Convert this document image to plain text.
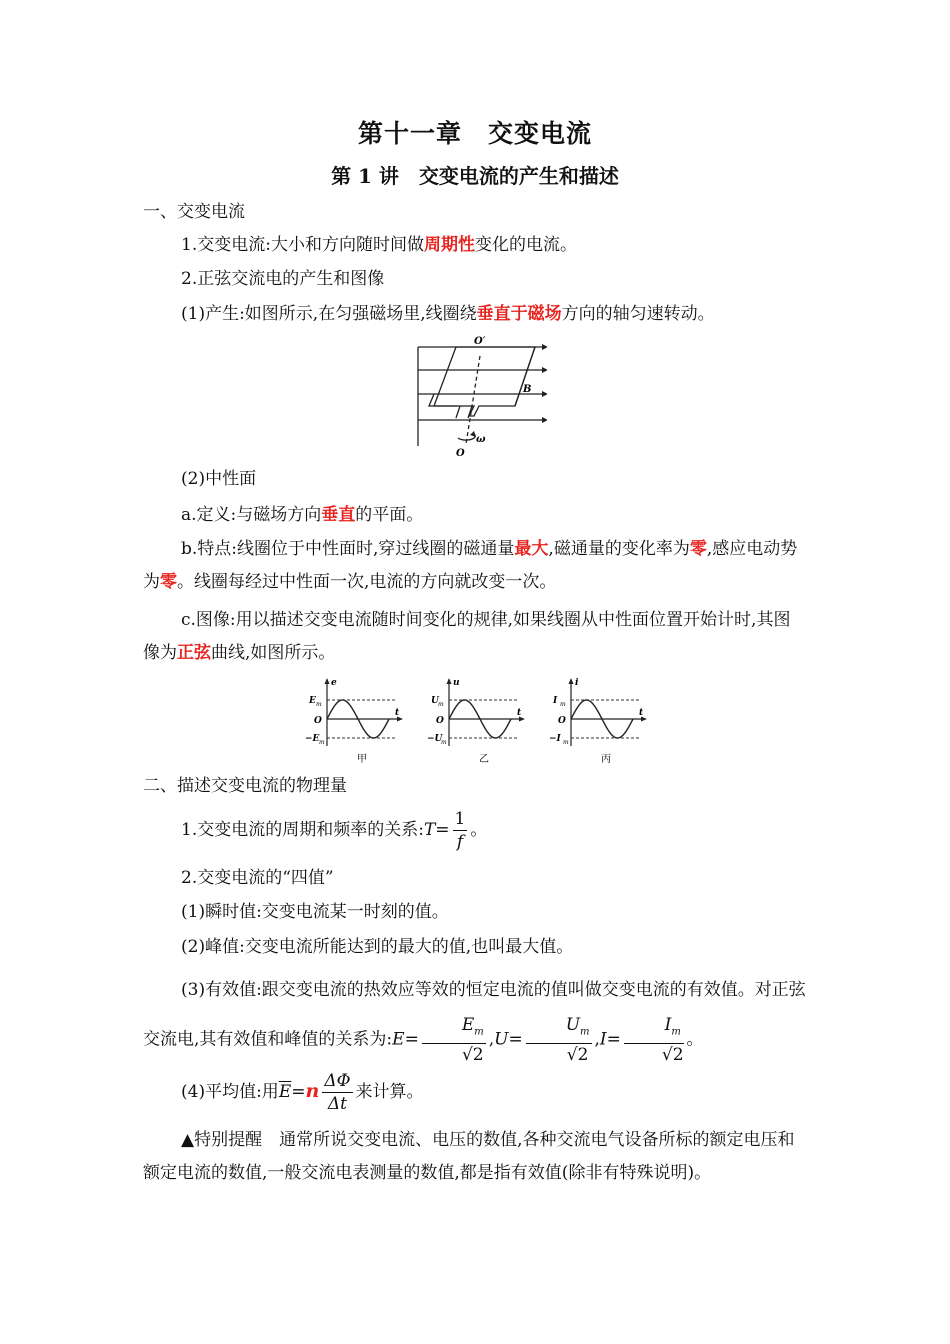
第十一章　交变电流
第 1 讲　交变电流的产生和描述
一、交变电流
1.交变电流:大小和方向随时间做周期性变化的电流。
2.正弦交流电的产生和图像
(1)产生:如图所示,在匀强磁场里,线圈绕垂直于磁场方向的轴匀速转动。
O′
B
ω
O
(2)中性面
a.定义:与磁场方向垂直的平面。
b.特点:线圈位于中性面时,穿过线圈的磁通量最大,磁通量的变化率为零,感应电动势为零。线圈每经过中性面一次,电流的方向就改变一次。
c.图像:用以描述交变电流随时间变化的规律,如果线圈从中性面位置开始计时,其图像为正弦曲线,如图所示。
e
E m
O
−E m
t
甲
u
U m
O
−U
m
t
乙
i
I m
O
−I m
t
丙
二、描述交变电流的物理量
1.交变电流的周期和频率的关系:T= $\frac{1}{f}$ 。
2.交变电流的“四值”
(1)瞬时值:交变电流某一时刻的值。
(2)峰值:交变电流所能达到的最大的值,也叫最大值。
(3)有效值:跟交变电流的热效应等效的恒定电流的值叫做交变电流的有效值。对正弦交流电,其有效值和峰值的关系为:E= $\frac{E_m}{√2} ,U= \frac{U_m}{√2} ,I= \frac{I_m}{√2}$ 。
(4)平均值:用$\overline{E}=n \frac{\Delta\Phi}{\Delta t}$ 来计算。
▲特别提醒　通常所说交变电流、电压的数值,各种交流电气设备所标的额定电压和额定电流的数值,一般交流电表测量的数值,都是指有效值(除非有特殊说明)。
